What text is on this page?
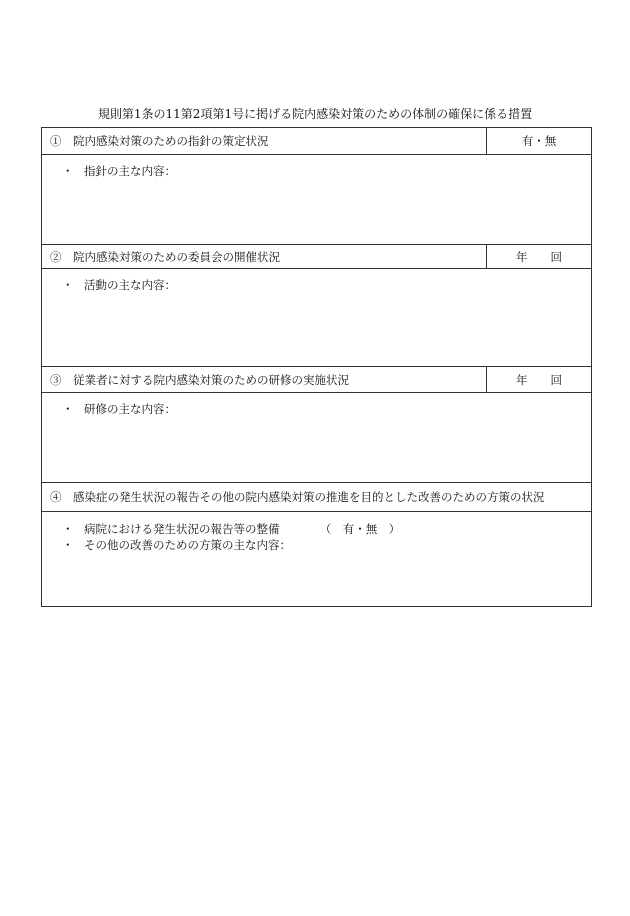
規則第1条の11第2項第1号に掲げる院内感染対策のための体制の確保に係る措置
①　院内感染対策のための指針の策定状況	有・無
・ 指針の主な内容：
②　院内感染対策のための委員会の開催状況	年　　回
・ 活動の主な内容：
③　従業者に対する院内感染対策のための研修の実施状況	年　　回
・ 研修の主な内容：
④　感染症の発生状況の報告その他の院内感染対策の推進を目的とした改善のための方策の状況
・ 病院における発生状況の報告等の整備　　　　（　有・無　）
・ その他の改善のための方策の主な内容：
